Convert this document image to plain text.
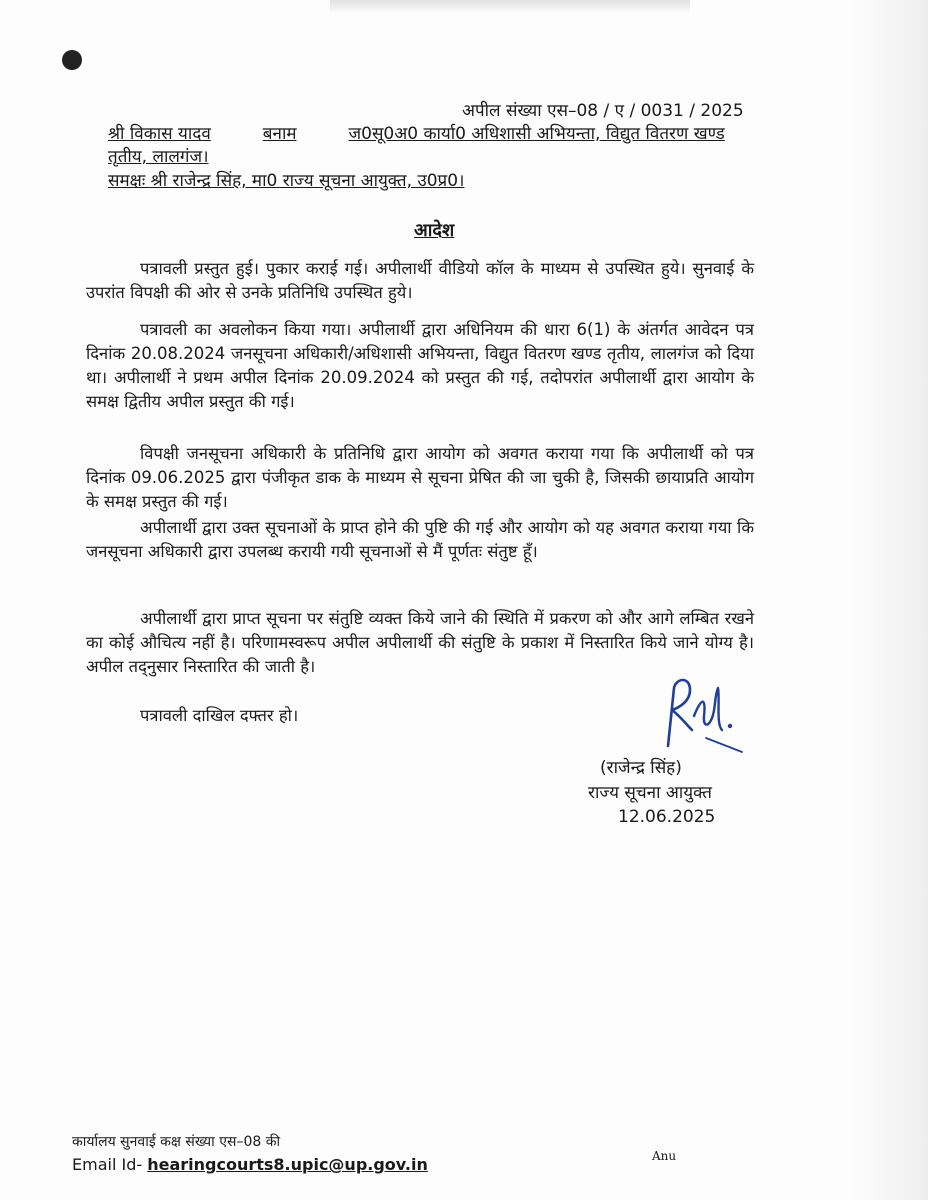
अपील संख्या एस–08 / ए / 0031 / 2025
श्री विकास यादव	बनाम	ज0सू0अ0 कार्या0 अधिशासी अभियन्ता, विद्युत वितरण खण्ड
तृतीय, लालगंज।
समक्षः श्री राजेन्द्र सिंह, मा0 राज्य सूचना आयुक्त, उ0प्र0।
आदेश

पत्रावली प्रस्तुत हुई। पुकार कराई गई। अपीलार्थी वीडियो कॉल के माध्यम से उपस्थित हुये। सुनवाई के उपरांत विपक्षी की ओर से उनके प्रतिनिधि उपस्थित हुये।

पत्रावली का अवलोकन किया गया। अपीलार्थी द्वारा अधिनियम की धारा 6(1) के अंतर्गत आवेदन पत्र दिनांक 20.08.2024 जनसूचना अधिकारी/अधिशासी अभियन्ता, विद्युत वितरण खण्ड तृतीय, लालगंज को दिया था। अपीलार्थी ने प्रथम अपील दिनांक 20.09.2024 को प्रस्तुत की गई, तदोपरांत अपीलार्थी द्वारा आयोग के समक्ष द्वितीय अपील प्रस्तुत की गई।

विपक्षी जनसूचना अधिकारी के प्रतिनिधि द्वारा आयोग को अवगत कराया गया कि अपीलार्थी को पत्र दिनांक 09.06.2025 द्वारा पंजीकृत डाक के माध्यम से सूचना प्रेषित की जा चुकी है, जिसकी छायाप्रति आयोग के समक्ष प्रस्तुत की गई।

अपीलार्थी द्वारा उक्त सूचनाओं के प्राप्त होने की पुष्टि की गई और आयोग को यह अवगत कराया गया कि जनसूचना अधिकारी द्वारा उपलब्ध करायी गयी सूचनाओं से मैं पूर्णतः संतुष्ट हूँ।

अपीलार्थी द्वारा प्राप्त सूचना पर संतुष्टि व्यक्त किये जाने की स्थिति में प्रकरण को और आगे लम्बित रखने का कोई औचित्य नहीं है। परिणामस्वरूप अपील अपीलार्थी की संतुष्टि के प्रकाश में निस्तारित किये जाने योग्य है। अपील तद्नुसार निस्तारित की जाती है।

पत्रावली दाखिल दफ्तर हो।

(राजेन्द्र सिंह)
राज्य सूचना आयुक्त
12.06.2025
कार्यालय सुनवाई कक्ष संख्या एस–08 की
Email Id- hearingcourts8.upic@up.gov.in	Anu
